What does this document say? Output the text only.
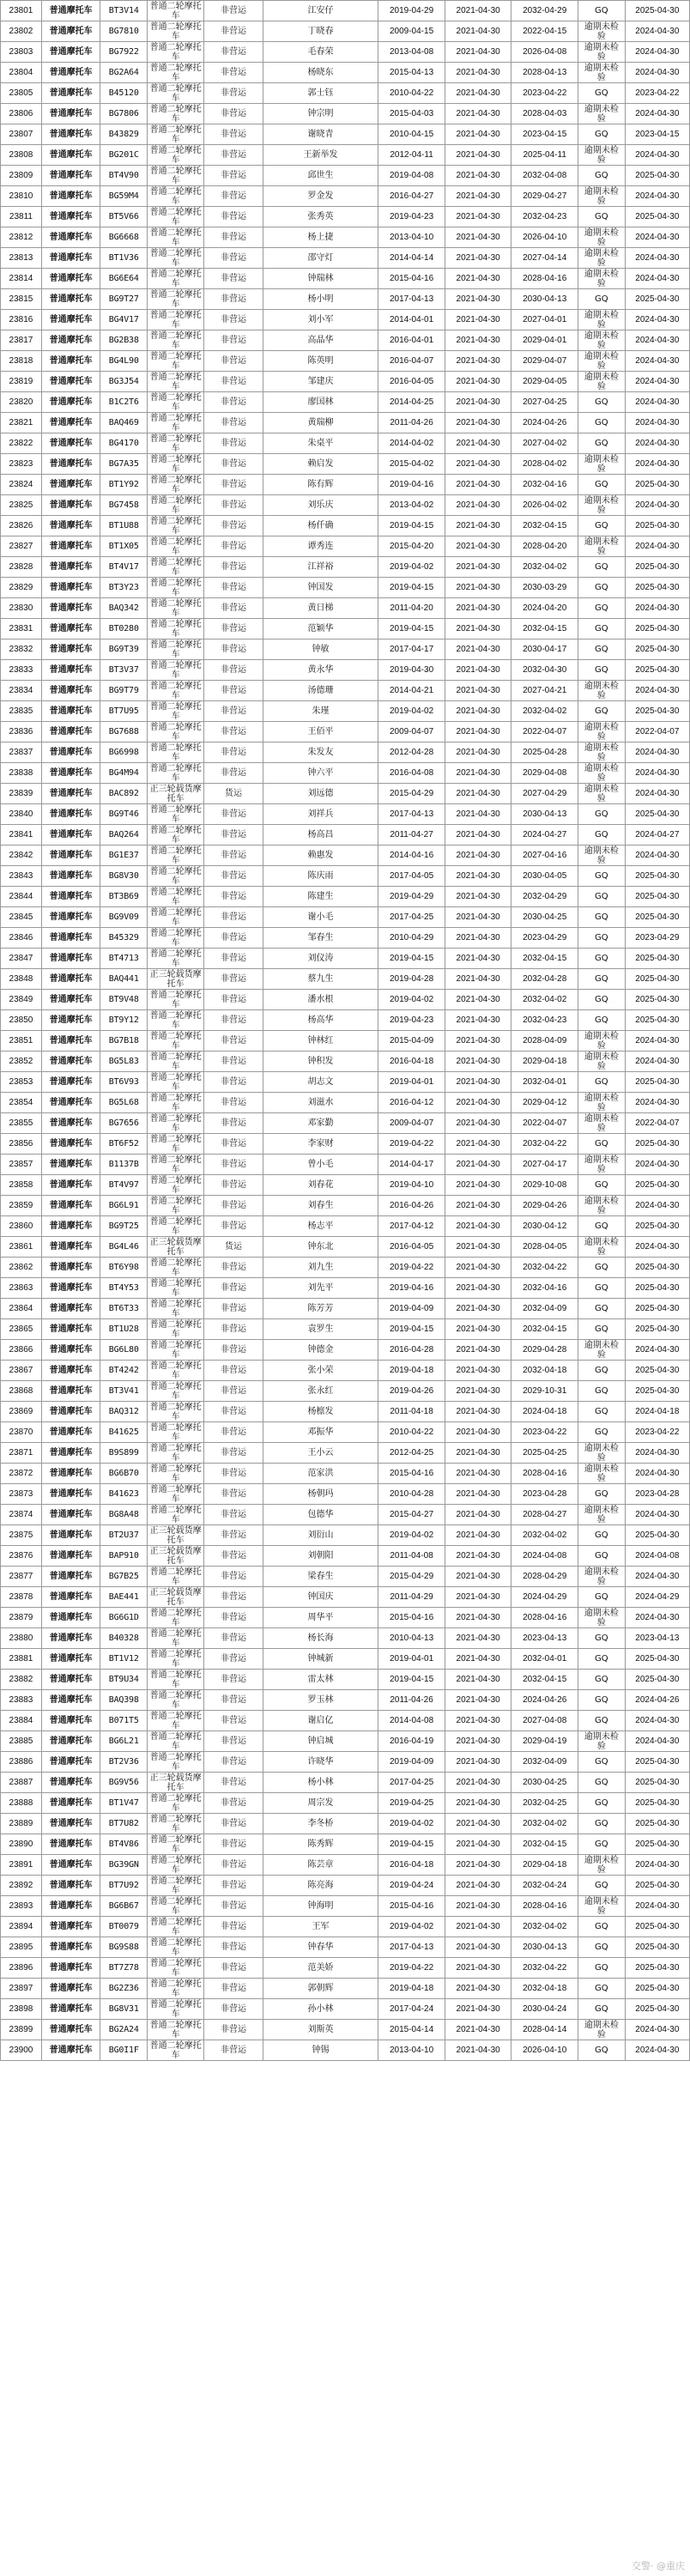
23801	普通摩托车	BT3V14	普通二轮摩托车	非营运	江安仔	2019-04-29	2021-04-30	2032-04-29	GQ	2025-04-30
23802	普通摩托车	BG7810	普通二轮摩托车	非营运	丁晓春	2009-04-15	2021-04-30	2022-04-15	逾期未检验	2024-04-30
23803	普通摩托车	BG7922	普通二轮摩托车	非营运	毛春荣	2013-04-08	2021-04-30	2026-04-08	逾期未检验	2024-04-30
23804	普通摩托车	BG2A64	普通二轮摩托车	非营运	杨晓东	2015-04-13	2021-04-30	2028-04-13	逾期未检验	2024-04-30
23805	普通摩托车	B45120	普通二轮摩托车	非营运	郭士钰	2010-04-22	2021-04-30	2023-04-22	GQ	2023-04-22
23806	普通摩托车	BG7806	普通二轮摩托车	非营运	钟宗明	2015-04-03	2021-04-30	2028-04-03	逾期未检验	2024-04-30
23807	普通摩托车	B43829	普通二轮摩托车	非营运	谢晓青	2010-04-15	2021-04-30	2023-04-15	GQ	2023-04-15
23808	普通摩托车	BG201C	普通二轮摩托车	非营运	王新举发	2012-04-11	2021-04-30	2025-04-11	逾期未检验	2024-04-30
23809	普通摩托车	BT4V90	普通二轮摩托车	非营运	邱世生	2019-04-08	2021-04-30	2032-04-08	GQ	2025-04-30
23810	普通摩托车	BG59M4	普通二轮摩托车	非营运	罗金发	2016-04-27	2021-04-30	2029-04-27	逾期未检验	2024-04-30
23811	普通摩托车	BT5V66	普通二轮摩托车	非营运	张秀英	2019-04-23	2021-04-30	2032-04-23	GQ	2025-04-30
23812	普通摩托车	BG6668	普通二轮摩托车	非营运	杨上捷	2013-04-10	2021-04-30	2026-04-10	逾期未检验	2024-04-30
23813	普通摩托车	BT1V36	普通二轮摩托车	非营运	邵守灯	2014-04-14	2021-04-30	2027-04-14	逾期未检验	2024-04-30
23814	普通摩托车	BG6E64	普通二轮摩托车	非营运	钟瑞林	2015-04-16	2021-04-30	2028-04-16	逾期未检验	2024-04-30
23815	普通摩托车	BG9T27	普通二轮摩托车	非营运	杨小明	2017-04-13	2021-04-30	2030-04-13	GQ	2025-04-30
23816	普通摩托车	BG4V17	普通二轮摩托车	非营运	刘小军	2014-04-01	2021-04-30	2027-04-01	逾期未检验	2024-04-30
23817	普通摩托车	BG2B38	普通二轮摩托车	非营运	高晶华	2016-04-01	2021-04-30	2029-04-01	逾期未检验	2024-04-30
23818	普通摩托车	BG4L90	普通二轮摩托车	非营运	陈英明	2016-04-07	2021-04-30	2029-04-07	逾期未检验	2024-04-30
23819	普通摩托车	BG3J54	普通二轮摩托车	非营运	邹建庆	2016-04-05	2021-04-30	2029-04-05	逾期未检验	2024-04-30
23820	普通摩托车	B1C2T6	普通二轮摩托车	非营运	廖国林	2014-04-25	2021-04-30	2027-04-25	GQ	2024-04-30
23821	普通摩托车	BAQ469	普通二轮摩托车	非营运	黄瑞柳	2011-04-26	2021-04-30	2024-04-26	GQ	2024-04-30
23822	普通摩托车	BG4170	普通二轮摩托车	非营运	朱桌平	2014-04-02	2021-04-30	2027-04-02	GQ	2024-04-30
23823	普通摩托车	BG7A35	普通二轮摩托车	非营运	赖启发	2015-04-02	2021-04-30	2028-04-02	逾期未检验	2024-04-30
23824	普通摩托车	BT1Y92	普通二轮摩托车	非营运	陈有辉	2019-04-16	2021-04-30	2032-04-16	GQ	2025-04-30
23825	普通摩托车	BG7458	普通二轮摩托车	非营运	刘乐庆	2013-04-02	2021-04-30	2026-04-02	逾期未检验	2024-04-30
23826	普通摩托车	BT1U88	普通二轮摩托车	非营运	杨仟确	2019-04-15	2021-04-30	2032-04-15	GQ	2025-04-30
23827	普通摩托车	BT1X05	普通二轮摩托车	非营运	谭秀连	2015-04-20	2021-04-30	2028-04-20	逾期未检验	2024-04-30
23828	普通摩托车	BT4V17	普通二轮摩托车	非营运	江祥裕	2019-04-02	2021-04-30	2032-04-02	GQ	2025-04-30
23829	普通摩托车	BT3Y23	普通二轮摩托车	非营运	钟国发	2019-04-15	2021-04-30	2030-03-29	GQ	2025-04-30
23830	普通摩托车	BAQ342	普通二轮摩托车	非营运	黄日梯	2011-04-20	2021-04-30	2024-04-20	GQ	2024-04-30
23831	普通摩托车	BT0280	普通二轮摩托车	非营运	范颖华	2019-04-15	2021-04-30	2032-04-15	GQ	2025-04-30
23832	普通摩托车	BG9T39	普通二轮摩托车	非营运	钟敏	2017-04-17	2021-04-30	2030-04-17	GQ	2025-04-30
23833	普通摩托车	BT3V37	普通二轮摩托车	非营运	黄永华	2019-04-30	2021-04-30	2032-04-30	GQ	2025-04-30
23834	普通摩托车	BG9T79	普通二轮摩托车	非营运	汤德珊	2014-04-21	2021-04-30	2027-04-21	逾期未检验	2024-04-30
23835	普通摩托车	BT7U95	普通二轮摩托车	非营运	朱瑾	2019-04-02	2021-04-30	2032-04-02	GQ	2025-04-30
23836	普通摩托车	BG7688	普通二轮摩托车	非营运	王佰平	2009-04-07	2021-04-30	2022-04-07	逾期未检验	2022-04-07
23837	普通摩托车	BG6998	普通二轮摩托车	非营运	朱发友	2012-04-28	2021-04-30	2025-04-28	逾期未检验	2024-04-30
23838	普通摩托车	BG4M94	普通二轮摩托车	非营运	钟六平	2016-04-08	2021-04-30	2029-04-08	逾期未检验	2024-04-30
23839	普通摩托车	BAC892	正三轮载货摩托车	货运	刘远德	2015-04-29	2021-04-30	2027-04-29	逾期未检验	2024-04-30
23840	普通摩托车	BG9T46	普通二轮摩托车	非营运	刘祥兵	2017-04-13	2021-04-30	2030-04-13	GQ	2025-04-30
23841	普通摩托车	BAQ264	普通二轮摩托车	非营运	杨高昌	2011-04-27	2021-04-30	2024-04-27	GQ	2024-04-27
23842	普通摩托车	BG1E37	普通二轮摩托车	非营运	赖惠发	2014-04-16	2021-04-30	2027-04-16	逾期未检验	2024-04-30
23843	普通摩托车	BG8V30	普通二轮摩托车	非营运	陈庆雨	2017-04-05	2021-04-30	2030-04-05	GQ	2025-04-30
23844	普通摩托车	BT3B69	普通二轮摩托车	非营运	陈建生	2019-04-29	2021-04-30	2032-04-29	GQ	2025-04-30
23845	普通摩托车	BG9V09	普通二轮摩托车	非营运	谢小毛	2017-04-25	2021-04-30	2030-04-25	GQ	2025-04-30
23846	普通摩托车	B45329	普通二轮摩托车	非营运	邹春生	2010-04-29	2021-04-30	2023-04-29	GQ	2023-04-29
23847	普通摩托车	BT4713	普通二轮摩托车	非营运	刘仪涛	2019-04-15	2021-04-30	2032-04-15	GQ	2025-04-30
23848	普通摩托车	BAQ441	正三轮载货摩托车	非营运	蔡九生	2019-04-28	2021-04-30	2032-04-28	GQ	2025-04-30
23849	普通摩托车	BT9V48	普通二轮摩托车	非营运	潘水根	2019-04-02	2021-04-30	2032-04-02	GQ	2025-04-30
23850	普通摩托车	BT9Y12	普通二轮摩托车	非营运	杨高华	2019-04-23	2021-04-30	2032-04-23	GQ	2025-04-30
23851	普通摩托车	BG7B18	普通二轮摩托车	非营运	钟林红	2015-04-09	2021-04-30	2028-04-09	逾期未检验	2024-04-30
23852	普通摩托车	BG5L83	普通二轮摩托车	非营运	钟积发	2016-04-18	2021-04-30	2029-04-18	逾期未检验	2024-04-30
23853	普通摩托车	BT6V93	普通二轮摩托车	非营运	胡志文	2019-04-01	2021-04-30	2032-04-01	GQ	2025-04-30
23854	普通摩托车	BG5L68	普通二轮摩托车	非营运	刘滋水	2016-04-12	2021-04-30	2029-04-12	逾期未检验	2024-04-30
23855	普通摩托车	BG7656	普通二轮摩托车	非营运	邓家勤	2009-04-07	2021-04-30	2022-04-07	逾期未检验	2022-04-07
23856	普通摩托车	BT6F52	普通二轮摩托车	非营运	李家财	2019-04-22	2021-04-30	2032-04-22	GQ	2025-04-30
23857	普通摩托车	B1137B	普通二轮摩托车	非营运	曾小毛	2014-04-17	2021-04-30	2027-04-17	逾期未检验	2024-04-30
23858	普通摩托车	BT4V97	普通二轮摩托车	非营运	刘春花	2019-04-10	2021-04-30	2029-10-08	GQ	2025-04-30
23859	普通摩托车	BG6L91	普通二轮摩托车	非营运	刘春生	2016-04-26	2021-04-30	2029-04-26	逾期未检验	2024-04-30
23860	普通摩托车	BG9T25	普通二轮摩托车	非营运	杨志平	2017-04-12	2021-04-30	2030-04-12	GQ	2025-04-30
23861	普通摩托车	BG4L46	正三轮载货摩托车	货运	钟东北	2016-04-05	2021-04-30	2028-04-05	逾期未检验	2024-04-30
23862	普通摩托车	BT6Y98	普通二轮摩托车	非营运	刘九生	2019-04-22	2021-04-30	2032-04-22	GQ	2025-04-30
23863	普通摩托车	BT4Y53	普通二轮摩托车	非营运	刘先平	2019-04-16	2021-04-30	2032-04-16	GQ	2025-04-30
23864	普通摩托车	BT6T33	普通二轮摩托车	非营运	陈芳芳	2019-04-09	2021-04-30	2032-04-09	GQ	2025-04-30
23865	普通摩托车	BT1U28	普通二轮摩托车	非营运	袁罗生	2019-04-15	2021-04-30	2032-04-15	GQ	2025-04-30
23866	普通摩托车	BG6L80	普通二轮摩托车	非营运	钟德金	2016-04-28	2021-04-30	2029-04-28	逾期未检验	2024-04-30
23867	普通摩托车	BT4242	普通二轮摩托车	非营运	张小荣	2019-04-18	2021-04-30	2032-04-18	GQ	2025-04-30
23868	普通摩托车	BT3V41	普通二轮摩托车	非营运	张永红	2019-04-26	2021-04-30	2029-10-31	GQ	2025-04-30
23869	普通摩托车	BAQ312	普通二轮摩托车	非营运	杨檩发	2011-04-18	2021-04-30	2024-04-18	GQ	2024-04-18
23870	普通摩托车	B41625	普通二轮摩托车	非营运	邓振华	2010-04-22	2021-04-30	2023-04-22	GQ	2023-04-22
23871	普通摩托车	B9S899	普通二轮摩托车	非营运	王小云	2012-04-25	2021-04-30	2025-04-25	逾期未检验	2024-04-30
23872	普通摩托车	BG6B70	普通二轮摩托车	非营运	范家洪	2015-04-16	2021-04-30	2028-04-16	逾期未检验	2024-04-30
23873	普通摩托车	B41623	普通二轮摩托车	非营运	杨朝玛	2010-04-28	2021-04-30	2023-04-28	GQ	2023-04-28
23874	普通摩托车	BG8A48	普通二轮摩托车	非营运	包德华	2015-04-27	2021-04-30	2028-04-27	逾期未检验	2024-04-30
23875	普通摩托车	BT2U37	正三轮载货摩托车	非营运	刘衍山	2019-04-02	2021-04-30	2032-04-02	GQ	2025-04-30
23876	普通摩托车	BAP910	正三轮载货摩托车	非营运	刘朝阳	2011-04-08	2021-04-30	2024-04-08	GQ	2024-04-08
23877	普通摩托车	BG7B25	普通二轮摩托车	非营运	梁春生	2015-04-29	2021-04-30	2028-04-29	逾期未检验	2024-04-30
23878	普通摩托车	BAE441	正三轮载货摩托车	非营运	钟国庆	2011-04-29	2021-04-30	2024-04-29	GQ	2024-04-29
23879	普通摩托车	BG6G1D	普通二轮摩托车	非营运	周华平	2015-04-16	2021-04-30	2028-04-16	逾期未检验	2024-04-30
23880	普通摩托车	B40328	普通二轮摩托车	非营运	杨长海	2010-04-13	2021-04-30	2023-04-13	GQ	2023-04-13
23881	普通摩托车	BT1V12	普通二轮摩托车	非营运	钟城新	2019-04-01	2021-04-30	2032-04-01	GQ	2025-04-30
23882	普通摩托车	BT9U34	普通二轮摩托车	非营运	雷太林	2019-04-15	2021-04-30	2032-04-15	GQ	2025-04-30
23883	普通摩托车	BAQ398	普通二轮摩托车	非营运	罗玉林	2011-04-26	2021-04-30	2024-04-26	GQ	2024-04-26
23884	普通摩托车	B071T5	普通二轮摩托车	非营运	谢启亿	2014-04-08	2021-04-30	2027-04-08	GQ	2024-04-30
23885	普通摩托车	BG6L21	普通二轮摩托车	非营运	钟启城	2016-04-19	2021-04-30	2029-04-19	逾期未检验	2024-04-30
23886	普通摩托车	BT2V36	普通二轮摩托车	非营运	许晓华	2019-04-09	2021-04-30	2032-04-09	GQ	2025-04-30
23887	普通摩托车	BG9V56	正三轮载货摩托车	非营运	杨小林	2017-04-25	2021-04-30	2030-04-25	GQ	2025-04-30
23888	普通摩托车	BT1V47	普通二轮摩托车	非营运	周宗发	2019-04-25	2021-04-30	2032-04-25	GQ	2025-04-30
23889	普通摩托车	BT7U82	普通二轮摩托车	非营运	李冬桥	2019-04-02	2021-04-30	2032-04-02	GQ	2025-04-30
23890	普通摩托车	BT4V86	普通二轮摩托车	非营运	陈秀辉	2019-04-15	2021-04-30	2032-04-15	GQ	2025-04-30
23891	普通摩托车	BG39GN	普通二轮摩托车	非营运	陈芸章	2016-04-18	2021-04-30	2029-04-18	逾期未检验	2024-04-30
23892	普通摩托车	BT7U92	普通二轮摩托车	非营运	陈亮海	2019-04-24	2021-04-30	2032-04-24	GQ	2025-04-30
23893	普通摩托车	BG6B67	普通二轮摩托车	非营运	钟海明	2015-04-16	2021-04-30	2028-04-16	逾期未检验	2024-04-30
23894	普通摩托车	BT0079	普通二轮摩托车	非营运	王军	2019-04-02	2021-04-30	2032-04-02	GQ	2025-04-30
23895	普通摩托车	BG9S88	普通二轮摩托车	非营运	钟春华	2017-04-13	2021-04-30	2030-04-13	GQ	2025-04-30
23896	普通摩托车	BT7Z78	普通二轮摩托车	非营运	范美娇	2019-04-22	2021-04-30	2032-04-22	GQ	2025-04-30
23897	普通摩托车	BG2Z36	普通二轮摩托车	非营运	郭朝辉	2019-04-18	2021-04-30	2032-04-18	GQ	2025-04-30
23898	普通摩托车	BG8V31	普通二轮摩托车	非营运	孙小林	2017-04-24	2021-04-30	2030-04-24	GQ	2025-04-30
23899	普通摩托车	BG2A24	普通二轮摩托车	非营运	刘斯英	2015-04-14	2021-04-30	2028-04-14	逾期未检验	2024-04-30
23900	普通摩托车	BG0I1F	普通二轮摩托车	非营运	钟锡	2013-04-10	2021-04-30	2026-04-10	GQ	2024-04-30
交警· @重庆
